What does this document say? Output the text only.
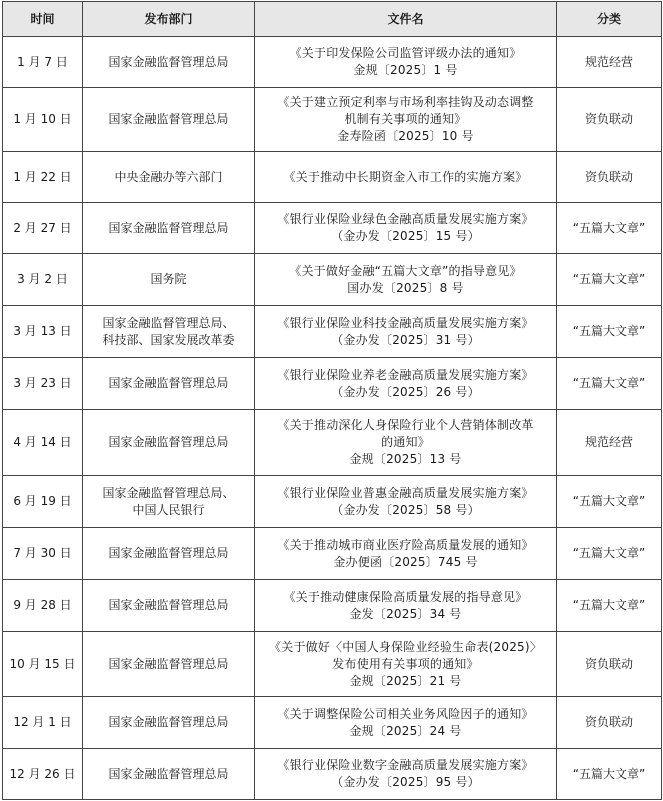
时间	发布部门	文件名	分类
1 月 7 日	国家金融监督管理总局	《关于印发保险公司监管评级办法的通知》
金规〔2025〕1 号	规范经营
1 月 10 日	国家金融监督管理总局	《关于建立预定利率与市场利率挂钩及动态调整
机制有关事项的通知》
金寿险函〔2025〕10 号	资负联动
1 月 22 日	中央金融办等六部门	《关于推动中长期资金入市工作的实施方案》	资负联动
2 月 27 日	国家金融监督管理总局	《银行业保险业绿色金融高质量发展实施方案》
（金办发〔2025〕15 号）	“五篇大文章”
3 月 2 日	国务院	《关于做好金融“五篇大文章”的指导意见》
国办发〔2025〕8 号	“五篇大文章”
3 月 13 日	国家金融监督管理总局、
科技部、国家发展改革委	《银行业保险业科技金融高质量发展实施方案》
（金办发〔2025〕31 号）	“五篇大文章”
3 月 23 日	国家金融监督管理总局	《银行业保险业养老金融高质量发展实施方案》
（金办发〔2025〕26 号）	“五篇大文章”
4 月 14 日	国家金融监督管理总局	《关于推动深化人身保险行业个人营销体制改革
的通知》
金规〔2025〕13 号	规范经营
6 月 19 日	国家金融监督管理总局、
中国人民银行	《银行业保险业普惠金融高质量发展实施方案》
（金办发〔2025〕58 号）	“五篇大文章”
7 月 30 日	国家金融监督管理总局	《关于推动城市商业医疗险高质量发展的通知》
金办便函〔2025〕745 号	“五篇大文章”
9 月 28 日	国家金融监督管理总局	《关于推动健康保险高质量发展的指导意见》
金发〔2025〕34 号	“五篇大文章”
10 月 15 日	国家金融监督管理总局	《关于做好〈中国人身保险业经验生命表(2025)〉
发布使用有关事项的通知》
金规〔2025〕21 号	资负联动
12 月 1 日	国家金融监督管理总局	《关于调整保险公司相关业务风险因子的通知》
金规〔2025〕24 号	资负联动
12 月 26 日	国家金融监督管理总局	《银行业保险业数字金融高质量发展实施方案》
（金办发〔2025〕95 号）	“五篇大文章”
